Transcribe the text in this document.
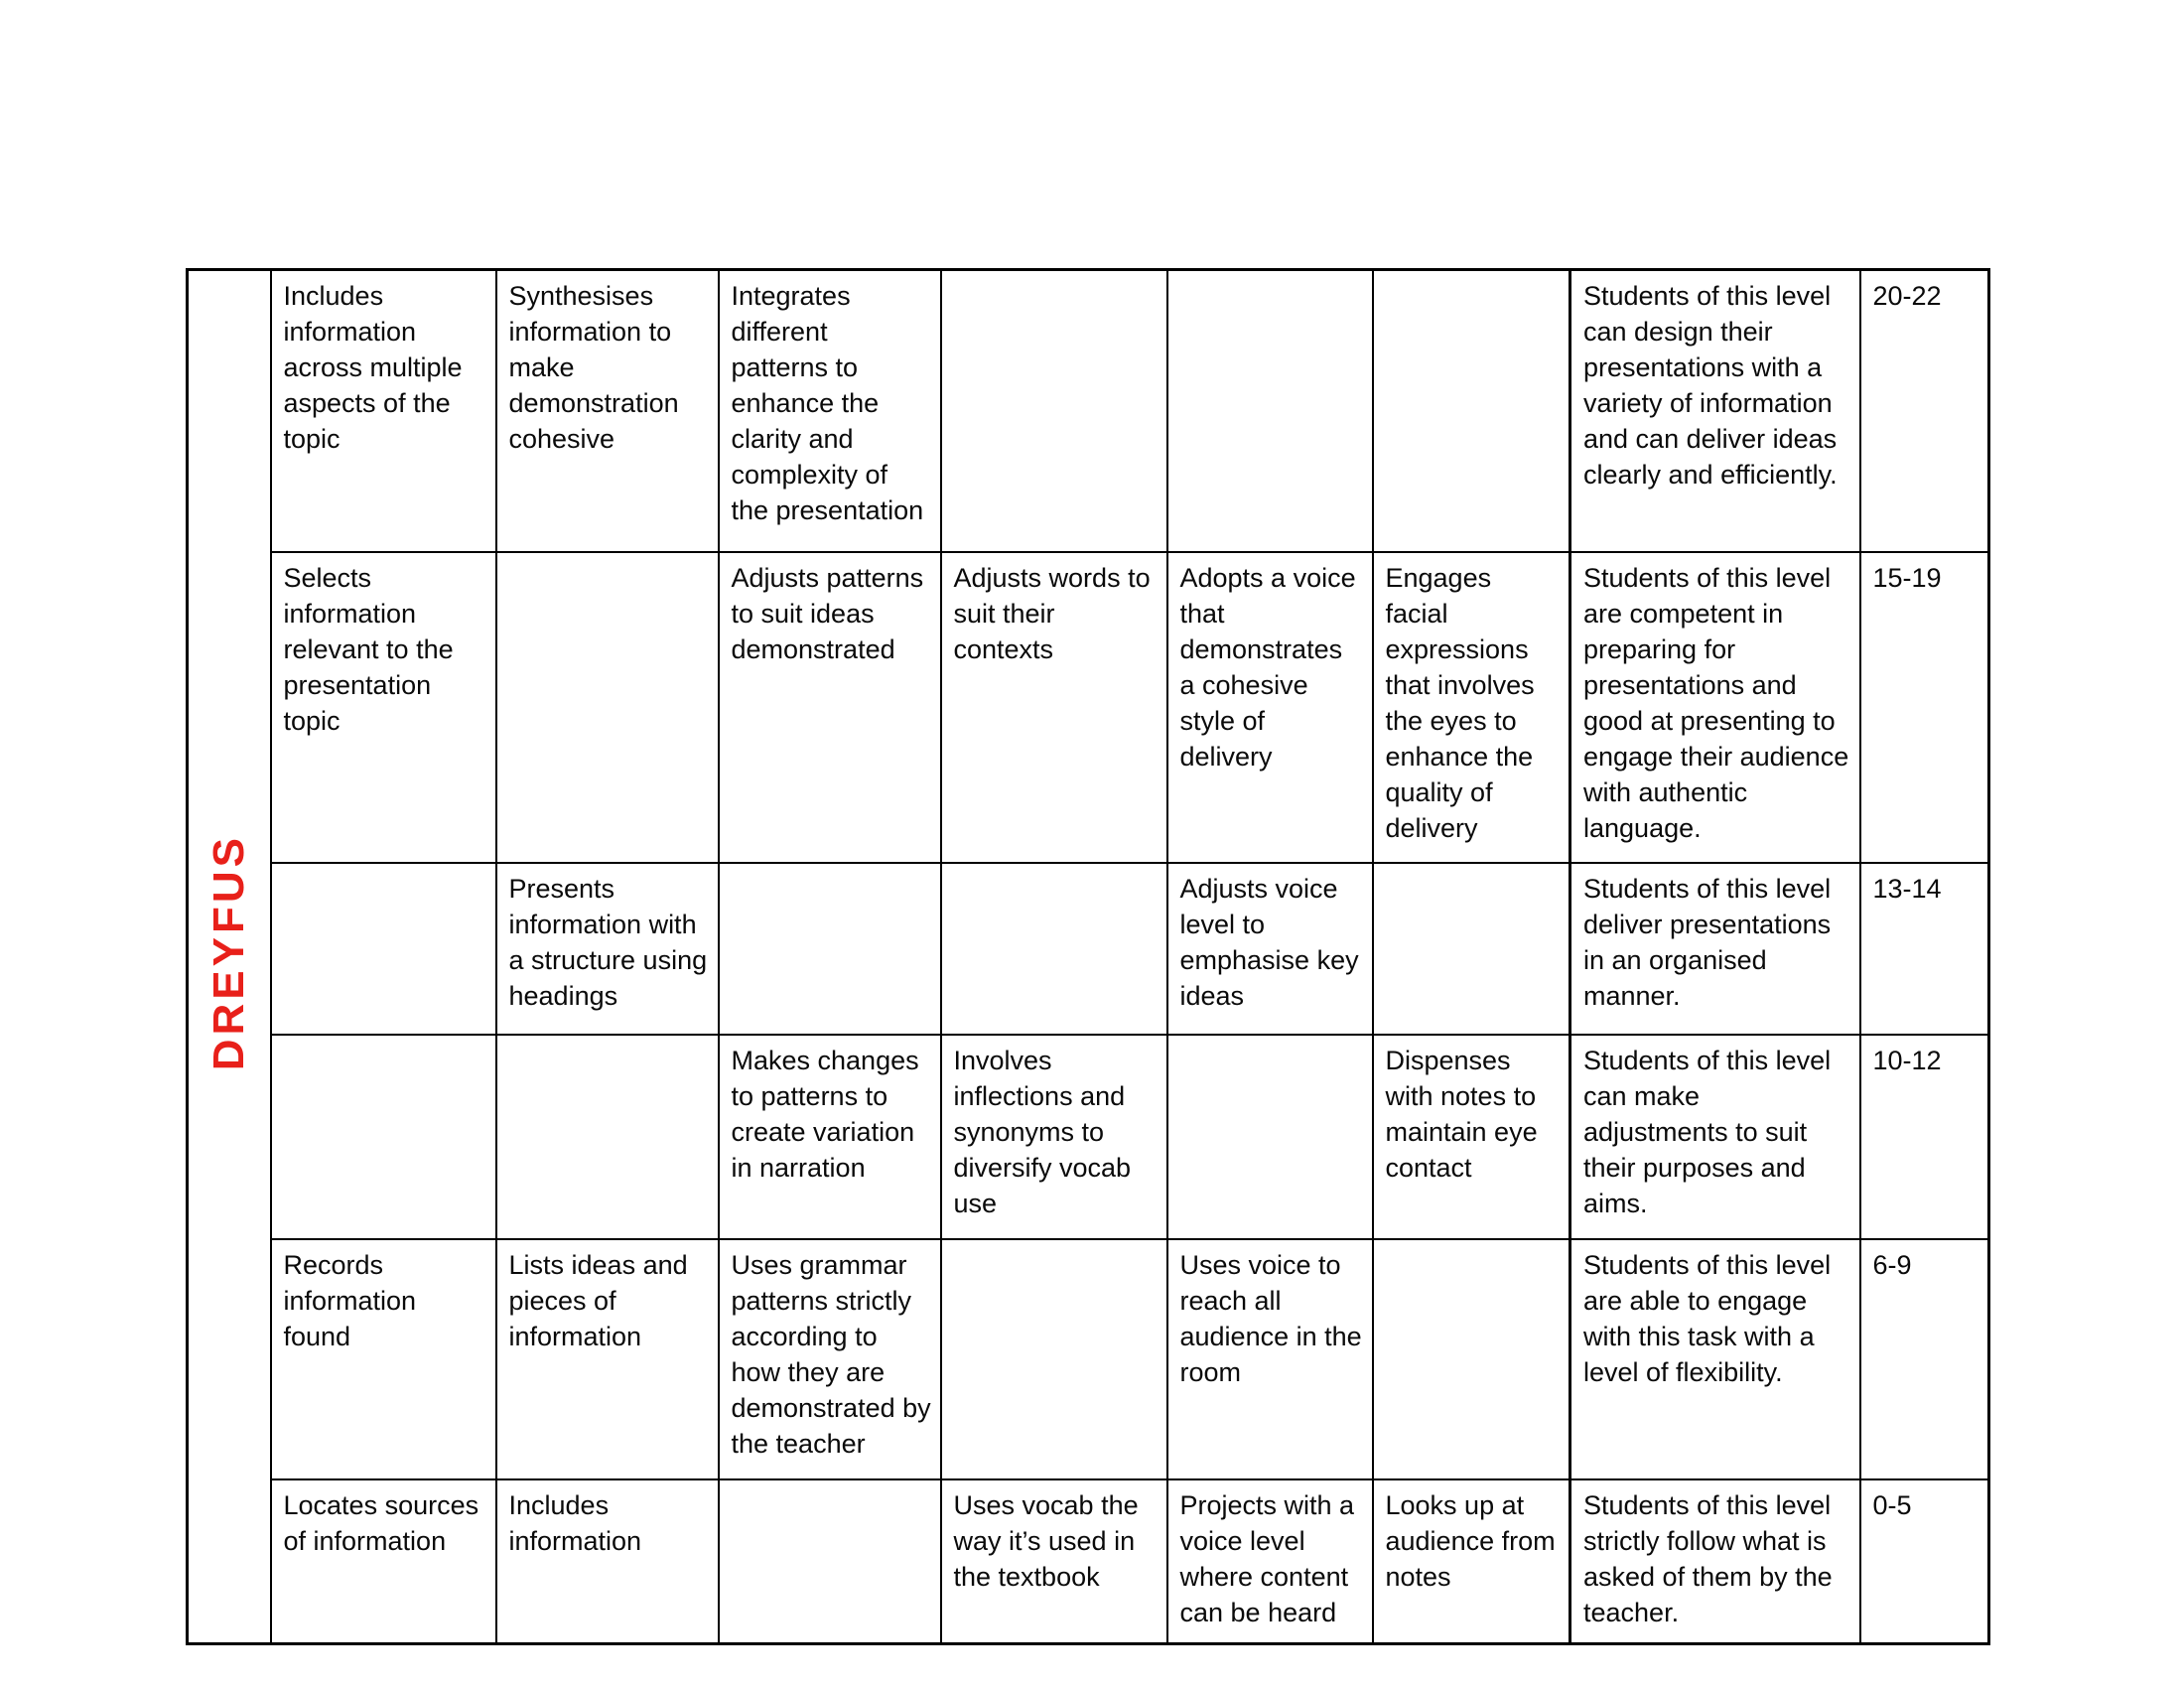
DREYFUS	Includes information across multiple aspects of the topic	Synthesises information to make demonstration cohesive	Integrates different patterns to enhance the clarity and complexity of the presentation				Students of this level can design their presentations with a variety of information and can deliver ideas clearly and efficiently.	20-22
	Selects information relevant to the presentation topic		Adjusts patterns to suit ideas demonstrated	Adjusts words to suit their contexts	Adopts a voice that demonstrates a cohesive style of delivery	Engages facial expressions that involves the eyes to enhance the quality of delivery	Students of this level are competent in preparing for presentations and good at presenting to engage their audience with authentic language.	15-19
		Presents information with a structure using headings			Adjusts voice level to emphasise key ideas		Students of this level deliver presentations in an organised manner.	13-14
			Makes changes to patterns to create variation in narration	Involves inflections and synonyms to diversify vocab use		Dispenses with notes to maintain eye contact	Students of this level can make adjustments to suit their purposes and aims.	10-12
	Records information found	Lists ideas and pieces of information	Uses grammar patterns strictly according to how they are demonstrated by the teacher		Uses voice to reach all audience in the room		Students of this level are able to engage with this task with a level of flexibility.	6-9
	Locates sources of information	Includes information		Uses vocab the way it’s used in the textbook	Projects with a voice level where content can be heard	Looks up at audience from notes	Students of this level strictly follow what is asked of them by the teacher.	0-5
